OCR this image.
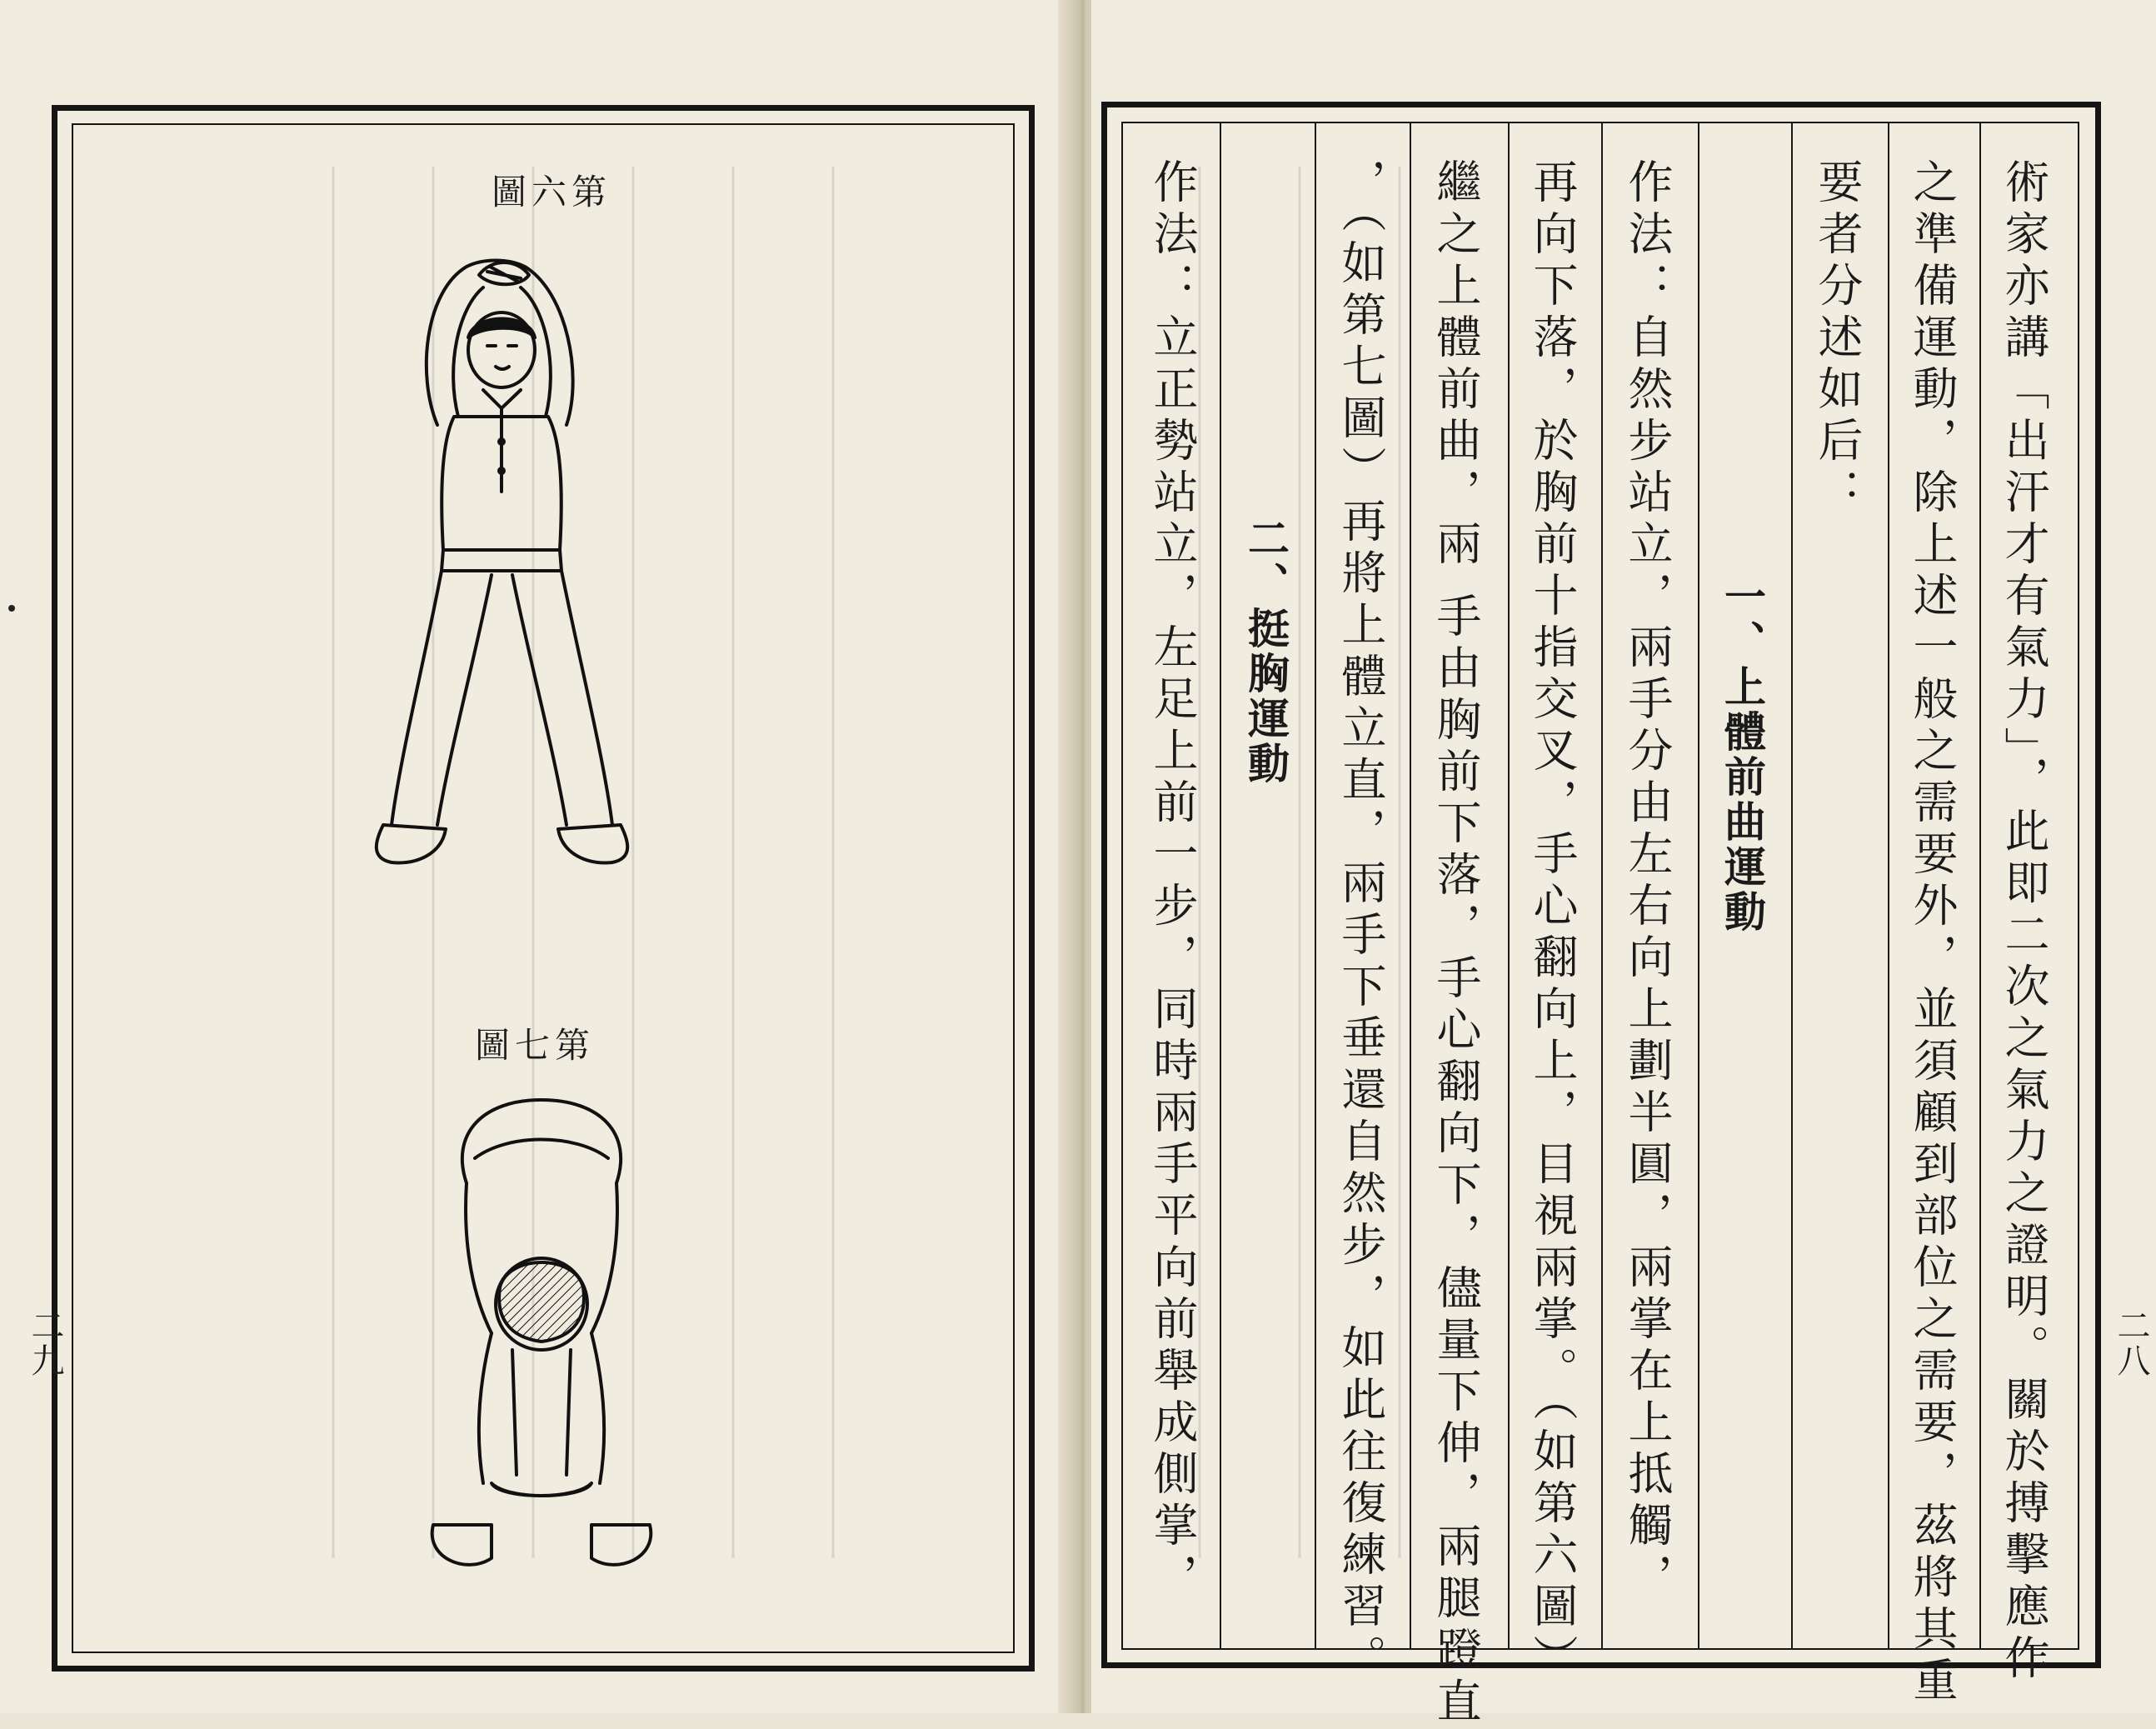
圖六第
圖七第
二九	術家亦講「出汗才有氣力」，此即二次之氣力之證明。關於搏擊應作
之準備運動，除上述一般之需要外，並須顧到部位之需要，茲將其重
要者分述如后：
一、上體前曲運動
作法：自然步站立，兩手分由左右向上劃半圓，兩掌在上抵觸，
再向下落，於胸前十指交叉，手心翻向上，目視兩掌。（如第六圖）
繼之上體前曲，兩 手由胸前下落，手心翻向下，儘量下伸，兩腿蹬直
，（如第七圖）再將上體立直，兩手下垂還自然步，如此往復練習。
二、挺胸運動
作法：立正勢站立，左足上前一步，同時兩手平向前舉成側掌，	二八
